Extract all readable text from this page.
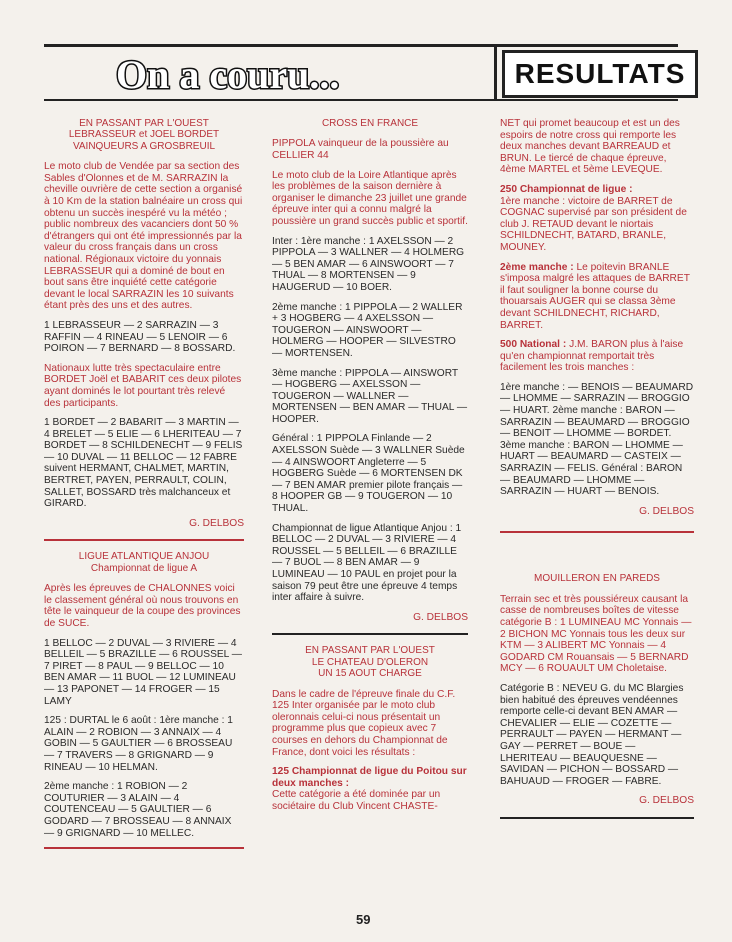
On a couru...	RESULTATS
EN PASSANT PAR L'OUEST
LEBRASSEUR et JOEL BORDET
VAINQUEURS A GROSBREUIL

Le moto club de Vendée par sa section des Sables d'Olonnes et de M. SARRAZIN la cheville ouvrière de cette section a organisé à 10 Km de la station balnéaire un cross qui obtenu un succès inespéré vu la météo ; public nombreux des vacanciers dont 50 % d'étrangers qui ont été impressionnés par la valeur du cross français dans un cross national. Régionaux victoire du yonnais LEBRASSEUR qui a dominé de bout en bout sans être inquiété cette catégorie devant le local SARRAZIN les 10 suivants étant près des uns et des autres.

1 LEBRASSEUR — 2 SARRAZIN — 3 RAFFIN — 4 RINEAU — 5 LENOIR — 6 POIRON — 7 BERNARD — 8 BOSSARD.

Nationaux lutte très spectaculaire entre BORDET Joël et BABARIT ces deux pilotes ayant dominés le lot pourtant très relevé des participants.

1 BORDET — 2 BABARIT — 3 MARTIN — 4 BRELET — 5 ELIE — 6 LHERITEAU — 7 BORDET — 8 SCHILDENECHT — 9 FELIS — 10 DUVAL — 11 BELLOC — 12 FABRE suivent HERMANT, CHALMET, MARTIN, BERTRET, PAYEN, PERRAULT, COLIN, SALLET, BOSSARD très malchanceux et GIRARD.

G. DELBOS
LIGUE ATLANTIQUE ANJOU
Championnat de ligue A

Après les épreuves de CHALONNES voici le classement général où nous trouvons en tête le vainqueur de la coupe des provinces de SUCE.

1 BELLOC — 2 DUVAL — 3 RIVIERE — 4 BELLEIL — 5 BRAZILLE — 6 ROUSSEL — 7 PIRET — 8 PAUL — 9 BELLOC — 10 BEN AMAR — 11 BUOL — 12 LUMINEAU — 13 PAPONET — 14 FROGER — 15 LAMY

125 : DURTAL le 6 août : 1ère manche : 1 ALAIN — 2 ROBION — 3 ANNAIX — 4 GOBIN — 5 GAULTIER — 6 BROSSEAU — 7 TRAVERS — 8 GRIGNARD — 9 RINEAU — 10 HELMAN.

2ème manche : 1 ROBION — 2 COUTURIER — 3 ALAIN — 4 COUTENCEAU — 5 GAULTIER — 6 GODARD — 7 BROSSEAU — 8 ANNAIX — 9 GRIGNARD — 10 MELLEC.

CROSS EN FRANCE

PIPPOLA vainqueur de la poussière au CELLIER 44

Le moto club de la Loire Atlantique après les problèmes de la saison dernière à organiser le dimanche 23 juillet une grande épreuve inter qui a connu malgré la poussière un grand succès public et sportif.

Inter : 1ère manche : 1 AXELSSON — 2 PIPPOLA — 3 WALLNER — 4 HOLMERG — 5 BEN AMAR — 6 AINSWOORT — 7 THUAL — 8 MORTENSEN — 9 HAUGERUD — 10 BOER.

2ème manche : 1 PIPPOLA — 2 WALLER + 3 HOGBERG — 4 AXELSSON — TOUGERON — AINSWOORT — HOLMERG — HOOPER — SILVESTRO — MORTENSEN.

3ème manche : PIPPOLA — AINSWORT — HOGBERG — AXELSSON — TOUGERON — WALLNER — MORTENSEN — BEN AMAR — THUAL — HOOPER.

Général : 1 PIPPOLA Finlande — 2 AXELSSON Suède — 3 WALLNER Suède — 4 AINSWOORT Angleterre — 5 HOGBERG Suède — 6 MORTENSEN DK — 7 BEN AMAR premier pilote français — 8 HOOPER GB — 9 TOUGERON — 10 THUAL.

Championnat de ligue Atlantique Anjou : 1 BELLOC — 2 DUVAL — 3 RIVIERE — 4 ROUSSEL — 5 BELLEIL — 6 BRAZILLE — 7 BUOL — 8 BEN AMAR — 9 LUMINEAU — 10 PAUL en projet pour la saison 79 peut être une épreuve 4 temps inter affaire à suivre.

G. DELBOS
EN PASSANT PAR L'OUEST
LE CHATEAU D'OLERON
UN 15 AOUT CHARGE

Dans le cadre de l'épreuve finale du C.F. 125 Inter organisée par le moto club oleronnais celui-ci nous présentait un programme plus que copieux avec 7 courses en dehors du Championnat de France, dont voici les résultats :

125 Championnat de ligue du Poitou sur deux manches :
Cette catégorie a été dominée par un sociétaire du Club Vincent CHASTE-

NET qui promet beaucoup et est un des espoirs de notre cross qui remporte les deux manches devant BARREAUD et BRUN. Le tiercé de chaque épreuve, 4ème MARTEL et 5ème LEVEQUE.

250 Championnat de ligue :
1ère manche : victoire de BARRET de COGNAC supervisé par son président de club J. RETAUD devant le niortais SCHILDNECHT, BATARD, BRANLE, MOUNEY.

2ème manche : Le poitevin BRANLE s'imposa malgré les attaques de BARRET il faut souligner la bonne course du thouarsais AUGER qui se classa 3ème devant SCHILDNECHT, RICHARD, BARRET.

500 National : J.M. BARON plus à l'aise qu'en championnat remportait très facilement les trois manches :

1ère manche : — BENOIS — BEAUMARD — LHOMME — SARRAZIN — BROGGIO — HUART. 2ème manche : BARON — SARRAZIN — BEAUMARD — BROGGIO — BENOIT — LHOMME — BORDET. 3ème manche : BARON — LHOMME — HUART — BEAUMARD — CASTEIX — SARRAZIN — FELIS. Général : BARON — BEAUMARD — LHOMME — SARRAZIN — HUART — BENOIS.

G. DELBOS
MOUILLERON EN PAREDS

Terrain sec et très poussiéreux causant la casse de nombreuses boîtes de vitesse catégorie B : 1 LUMINEAU MC Yonnais — 2 BICHON MC Yonnais tous les deux sur KTM — 3 ALIBERT MC Yonnais — 4 GODARD CM Rouansais — 5 BERNARD MCY — 6 ROUAULT UM Choletaise.

Catégorie B : NEVEU G. du MC Blargies bien habitué des épreuves vendéennes remporte celle-ci devant BEN AMAR — CHEVALIER — ELIE — COZETTE — PERRAULT — PAYEN — HERMANT — GAY — PERRET — BOUE — LHERITEAU — BEAUQUESNE — SAVIDAN — PICHON — BOSSARD — BAHUAUD — FROGER — FABRE.

G. DELBOS
59
